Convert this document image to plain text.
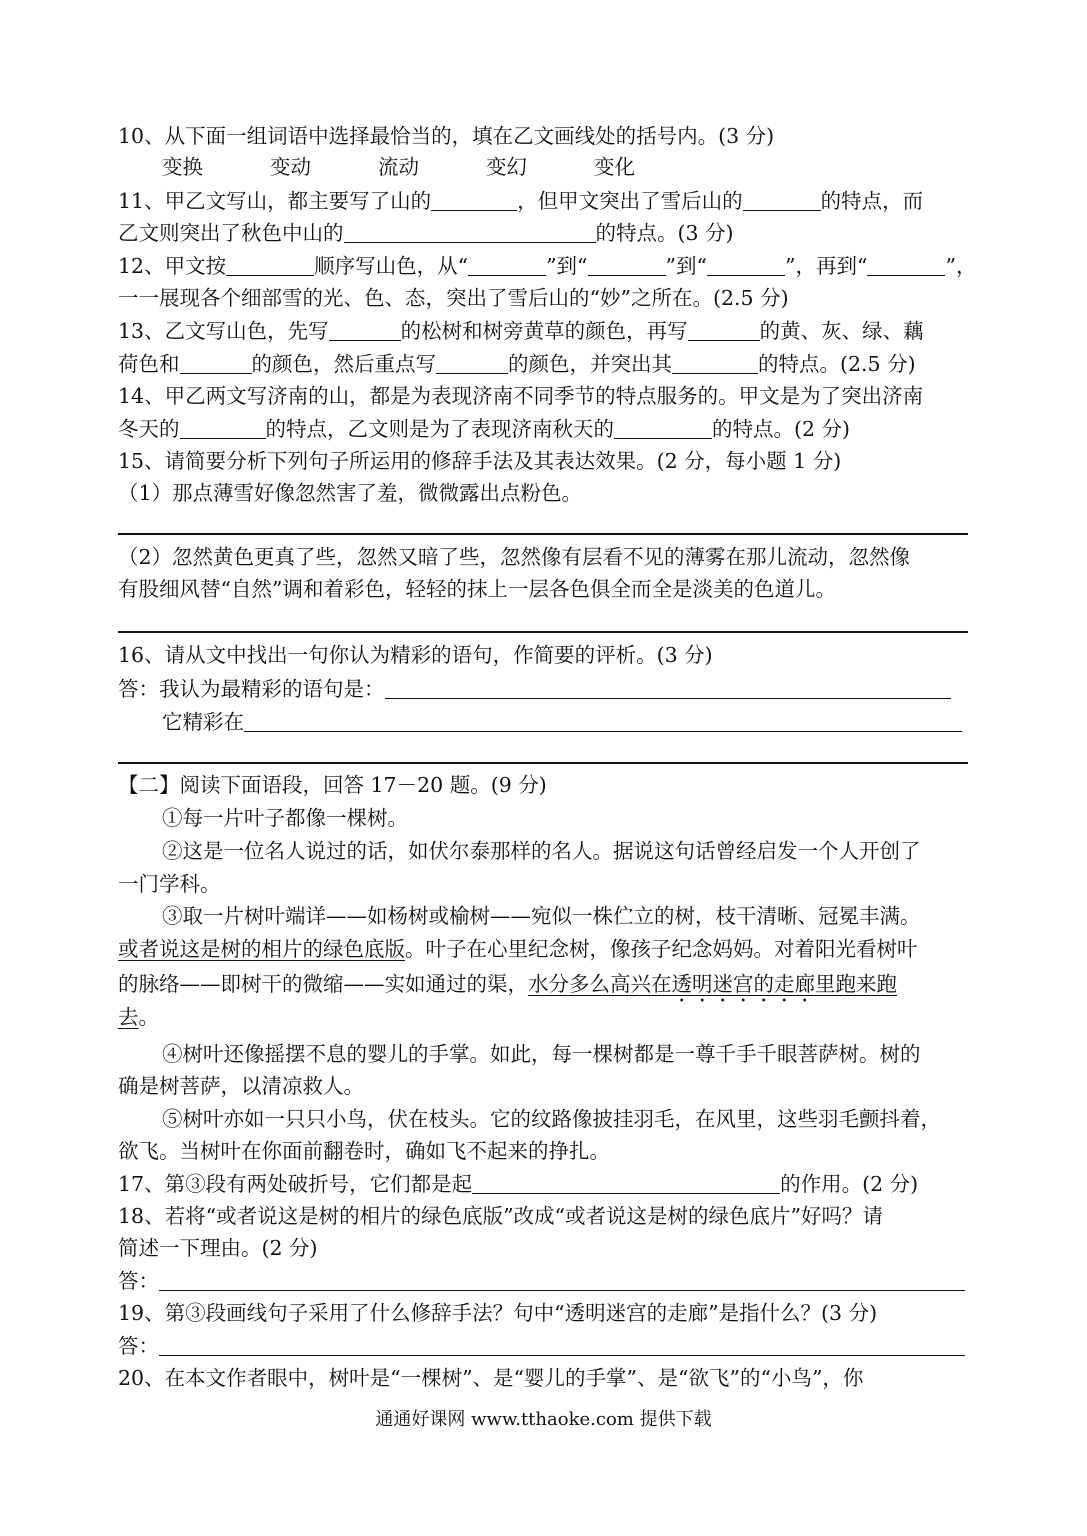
10、从下面一组词语中选择最恰当的，填在乙文画线处的括号内。(3 分)
变换	变动	流动	变幻	变化
11、甲乙文写山，都主要写了山的	，但甲文突出了雪后山的	的特点，而
乙文则突出了秋色中山的	的特点。(3 分)
12、甲文按	顺序写山色，从“	”到“	”到“	”，再到“	”，
一一展现各个细部雪的光、色、态，突出了雪后山的“妙”之所在。(2.5 分)
13、乙文写山色，先写	的松树和树旁黄草的颜色，再写	的黄、灰、绿、藕
荷色和	的颜色，然后重点写	的颜色，并突出其	的特点。(2.5 分)
14、甲乙两文写济南的山，都是为表现济南不同季节的特点服务的。甲文是为了突出济南
冬天的	的特点，乙文则是为了表现济南秋天的	的特点。(2 分)
15、请简要分析下列句子所运用的修辞手法及其表达效果。(2 分，每小题 1 分)
（1）那点薄雪好像忽然害了羞，微微露出点粉色。
（2）忽然黄色更真了些，忽然又暗了些，忽然像有层看不见的薄雾在那儿流动，忽然像
有股细风替“自然”调和着彩色，轻轻的抹上一层各色俱全而全是淡美的色道儿。
16、请从文中找出一句你认为精彩的语句，作简要的评析。(3 分)
答：我认为最精彩的语句是：
它精彩在
【二】阅读下面语段，回答 17－20 题。(9 分)
①每一片叶子都像一棵树。
②这是一位名人说过的话，如伏尔泰那样的名人。据说这句话曾经启发一个人开创了
一门学科。
③取一片树叶端详——如杨树或榆树——宛似一株伫立的树，枝干清晰、冠冕丰满。
或者说这是树的相片的绿色底版。叶子在心里纪念树，像孩子纪念妈妈。对着阳光看树叶
的脉络——即树干的微缩——实如通过的渠，水分多么高兴在透明迷宫的走廊里跑来跑
去。
④树叶还像摇摆不息的婴儿的手掌。如此，每一棵树都是一尊千手千眼菩萨树。树的
确是树菩萨，以清凉救人。
⑤树叶亦如一只只小鸟，伏在枝头。它的纹路像披挂羽毛，在风里，这些羽毛颤抖着，
欲飞。当树叶在你面前翻卷时，确如飞不起来的挣扎。
17、第③段有两处破折号，它们都是起	的作用。(2 分)
18、若将“或者说这是树的相片的绿色底版”改成“或者说这是树的绿色底片”好吗？请
简述一下理由。(2 分)
答：
19、第③段画线句子采用了什么修辞手法？句中“透明迷宫的走廊”是指什么？(3 分)
答：
20、在本文作者眼中，树叶是“一棵树”、是“婴儿的手掌”、是“欲飞”的“小鸟”，你
通通好课网 www.tthaoke.com 提供下载
